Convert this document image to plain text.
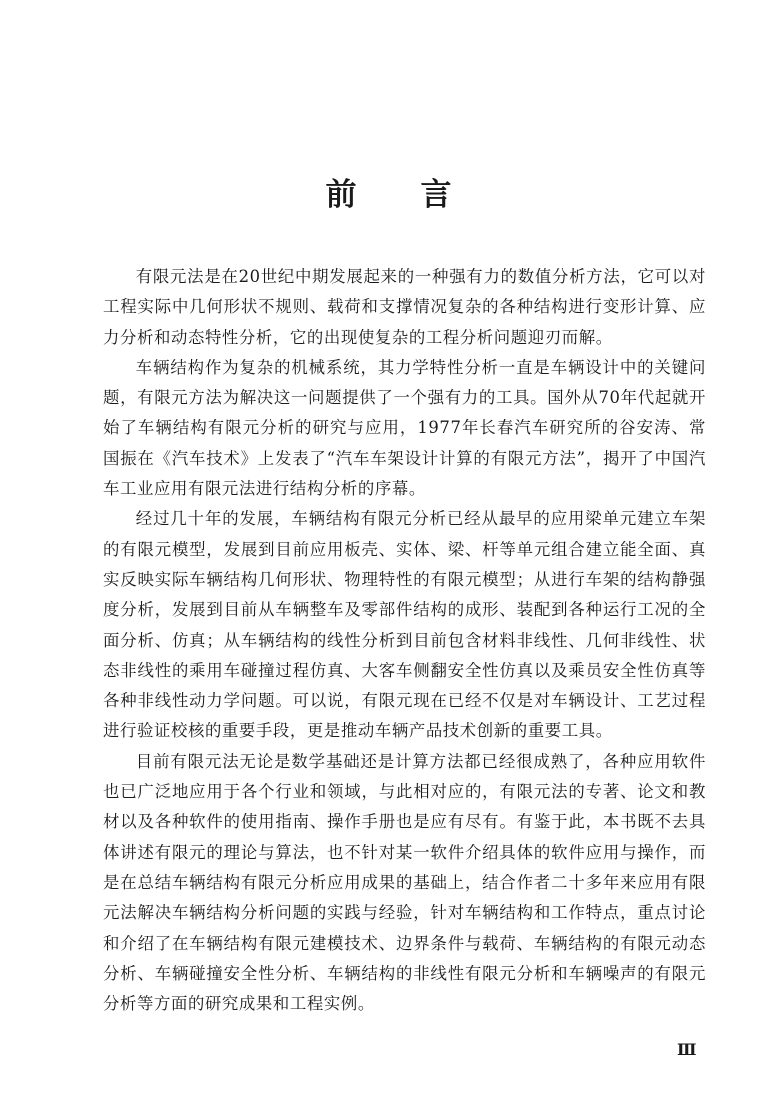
前 言

有限元法是在20世纪中期发展起来的一种强有力的数值分析方法，它可以对工程实际中几何形状不规则、载荷和支撑情况复杂的各种结构进行变形计算、应力分析和动态特性分析，它的出现使复杂的工程分析问题迎刃而解。

车辆结构作为复杂的机械系统，其力学特性分析一直是车辆设计中的关键问题，有限元方法为解决这一问题提供了一个强有力的工具。国外从70年代起就开始了车辆结构有限元分析的研究与应用，1977年长春汽车研究所的谷安涛、常国振在《汽车技术》上发表了“汽车车架设计计算的有限元方法”，揭开了中国汽车工业应用有限元法进行结构分析的序幕。

经过几十年的发展，车辆结构有限元分析已经从最早的应用梁单元建立车架的有限元模型，发展到目前应用板壳、实体、梁、杆等单元组合建立能全面、真实反映实际车辆结构几何形状、物理特性的有限元模型；从进行车架的结构静强度分析，发展到目前从车辆整车及零部件结构的成形、装配到各种运行工况的全面分析、仿真；从车辆结构的线性分析到目前包含材料非线性、几何非线性、状态非线性的乘用车碰撞过程仿真、大客车侧翻安全性仿真以及乘员安全性仿真等各种非线性动力学问题。可以说，有限元现在已经不仅是对车辆设计、工艺过程进行验证校核的重要手段，更是推动车辆产品技术创新的重要工具。

目前有限元法无论是数学基础还是计算方法都已经很成熟了，各种应用软件也已广泛地应用于各个行业和领域，与此相对应的，有限元法的专著、论文和教材以及各种软件的使用指南、操作手册也是应有尽有。有鉴于此，本书既不去具体讲述有限元的理论与算法，也不针对某一软件介绍具体的软件应用与操作，而是在总结车辆结构有限元分析应用成果的基础上，结合作者二十多年来应用有限元法解决车辆结构分析问题的实践与经验，针对车辆结构和工作特点，重点讨论和介绍了在车辆结构有限元建模技术、边界条件与载荷、车辆结构的有限元动态分析、车辆碰撞安全性分析、车辆结构的非线性有限元分析和车辆噪声的有限元分析等方面的研究成果和工程实例。

Ⅲ
